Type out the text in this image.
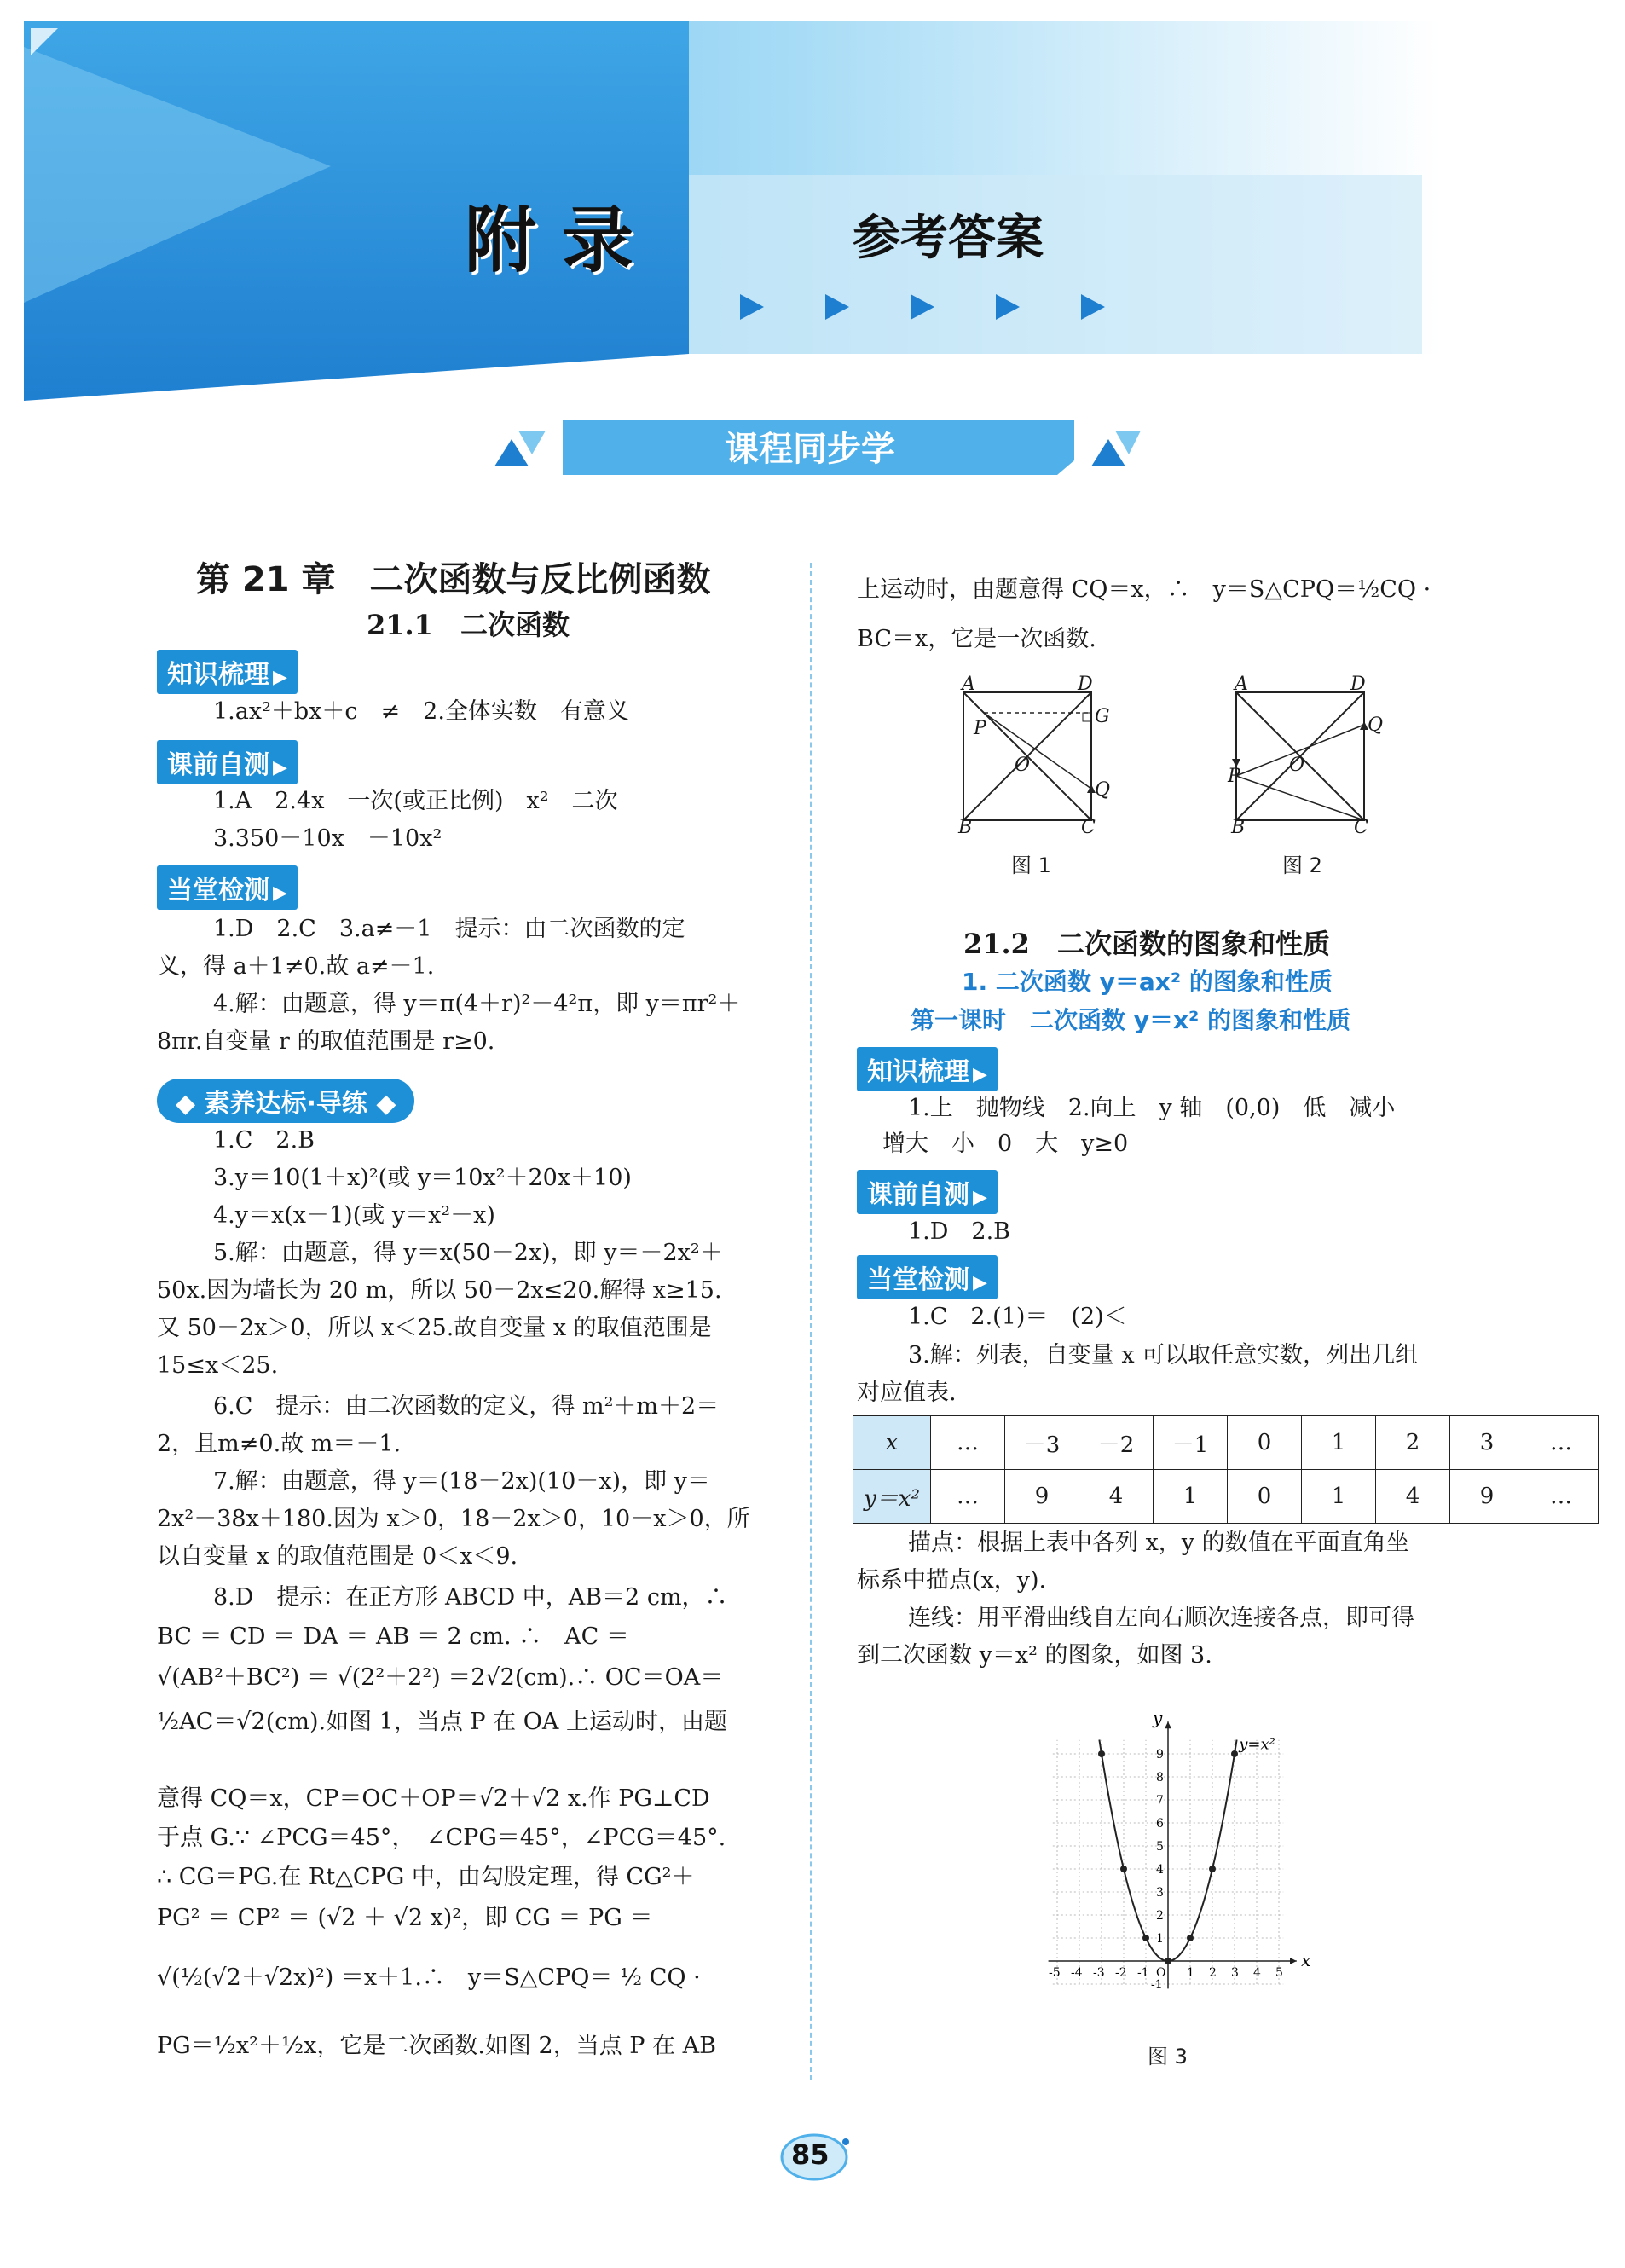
附录	参考答案
课程同步学
第 21 章　二次函数与反比例函数
21.1　二次函数
知识梳理 ▶
1.ax²＋bx＋c　≠　2.全体实数　有意义
课前自测 ▶
1.A　2.4x　一次(或正比例)　x²　二次
3.350－10x　－10x²
当堂检测 ▶
1.D　2.C　3.a≠－1　提示：由二次函数的定
义，得 a＋1≠0.故 a≠－1.
4.解：由题意，得 y＝π(4＋r)²－4²π，即 y＝πr²＋
8πr.自变量 r 的取值范围是 r≥0.
◆ 素养达标·导练 ◆
1.C　2.B
3.y＝10(1＋x)²(或 y＝10x²＋20x＋10)
4.y＝x(x－1)(或 y＝x²－x)
5.解：由题意，得 y＝x(50－2x)，即 y＝－2x²＋
50x.因为墙长为 20 m，所以 50－2x≤20.解得 x≥15.
又 50－2x＞0，所以 x＜25.故自变量 x 的取值范围是
15≤x＜25.
6.C　提示：由二次函数的定义，得 m²＋m＋2＝
2，且m≠0.故 m＝－1.
7.解：由题意，得 y＝(18－2x)(10－x)，即 y＝
2x²－38x＋180.因为 x＞0，18－2x＞0，10－x＞0，所
以自变量 x 的取值范围是 0＜x＜9.
8.D　提示：在正方形 ABCD 中，AB＝2 cm，∴
BC ＝ CD ＝ DA ＝ AB ＝ 2 cm. ∴　AC ＝
√(AB²＋BC²) ＝ √(2²＋2²) ＝2√2(cm).∴ OC＝OA＝
½AC＝√2(cm).如图 1，当点 P 在 OA 上运动时，由题
意得 CQ＝x，CP＝OC＋OP＝√2＋√2 x.作 PG⊥CD
于点 G.∵ ∠PCG＝45°，　∠CPG＝45°，∠PCG＝45°.
∴ CG＝PG.在 Rt△CPG 中，由勾股定理，得 CG²＋
PG² ＝ CP² ＝ (√2 ＋ √2 x)²，即 CG ＝ PG ＝
√(½(√2＋√2x)²) ＝x＋1.∴　y＝S△CPQ＝ ½ CQ ·
PG＝½x²＋½x，它是二次函数.如图 2，当点 P 在 AB
上运动时，由题意得 CQ＝x，∴　y＝S△CPQ＝½CQ ·
BC＝x，它是一次函数.
A	D
G
P
O
Q
B	C
图 1
A	D
Q
P
O
B	C
图 2
21.2　二次函数的图象和性质
1. 二次函数 y＝ax² 的图象和性质
第一课时　二次函数 y＝x² 的图象和性质
知识梳理 ▶
1.上　抛物线　2.向上　y 轴　(0,0)　低　减小
增大　小　0　大　y≥0
课前自测 ▶
1.D　2.B
当堂检测 ▶
1.C　2.(1)＝　(2)＜
3.解：列表，自变量 x 可以取任意实数，列出几组
对应值表.
x	…	－3	－2	－1	0	1	2	3	…
y＝x²	…	9	4	1	0	1	4	9	…
描点：根据上表中各列 x，y 的数值在平面直角坐
标系中描点(x，y).
连线：用平滑曲线自左向右顺次连接各点，即可得
到二次函数 y＝x² 的图象，如图 3.
x
y
-5 -4 -3 -2 -1 O 1 2 3 4 5
-1
1
2
3
4
5
6
7
8
9
y=x²
图 3
85
